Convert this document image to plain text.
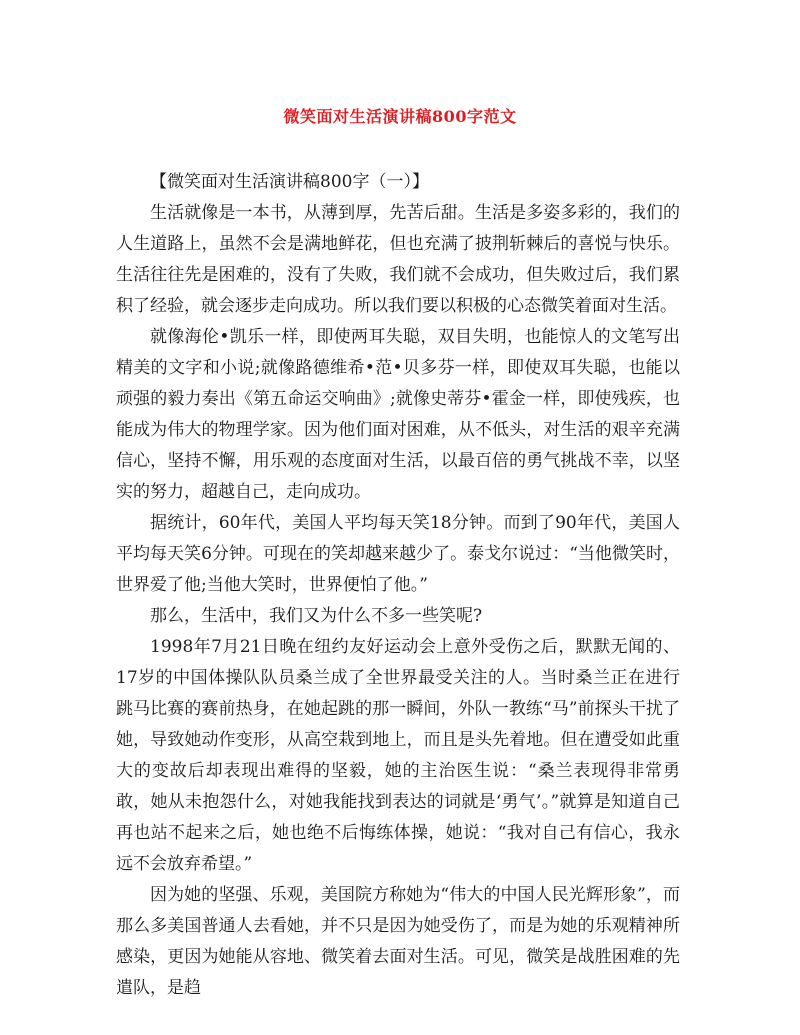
微笑面对生活演讲稿800字范文

【微笑面对生活演讲稿800字（一）】

生活就像是一本书，从薄到厚，先苦后甜。生活是多姿多彩的，我们的人生道路上，虽然不会是满地鲜花，但也充满了披荆斩棘后的喜悦与快乐。生活往往先是困难的，没有了失败，我们就不会成功，但失败过后，我们累积了经验，就会逐步走向成功。所以我们要以积极的心态微笑着面对生活。

就像海伦•凯乐一样，即使两耳失聪，双目失明，也能惊人的文笔写出精美的文字和小说;就像路德维希•范•贝多芬一样，即使双耳失聪，也能以顽强的毅力奏出《第五命运交响曲》;就像史蒂芬•霍金一样，即使残疾，也能成为伟大的物理学家。因为他们面对困难，从不低头，对生活的艰辛充满信心，坚持不懈，用乐观的态度面对生活，以最百倍的勇气挑战不幸，以坚实的努力，超越自己，走向成功。

据统计，60年代，美国人平均每天笑18分钟。而到了90年代，美国人平均每天笑6分钟。可现在的笑却越来越少了。泰戈尔说过：“当他微笑时，世界爱了他;当他大笑时，世界便怕了他。”

那么，生活中，我们又为什么不多一些笑呢?

1998年7月21日晚在纽约友好运动会上意外受伤之后，默默无闻的、17岁的中国体操队队员桑兰成了全世界最受关注的人。当时桑兰正在进行跳马比赛的赛前热身，在她起跳的那一瞬间，外队一教练“马”前探头干扰了她，导致她动作变形，从高空栽到地上，而且是头先着地。但在遭受如此重大的变故后却表现出难得的坚毅，她的主治医生说：“桑兰表现得非常勇敢，她从未抱怨什么，对她我能找到表达的词就是‘勇气’。”就算是知道自己再也站不起来之后，她也绝不后悔练体操，她说：“我对自己有信心，我永远不会放弃希望。”

因为她的坚强、乐观，美国院方称她为“伟大的中国人民光辉形象”，而那么多美国普通人去看她，并不只是因为她受伤了，而是为她的乐观精神所感染，更因为她能从容地、微笑着去面对生活。可见，微笑是战胜困难的先遣队，是趋
